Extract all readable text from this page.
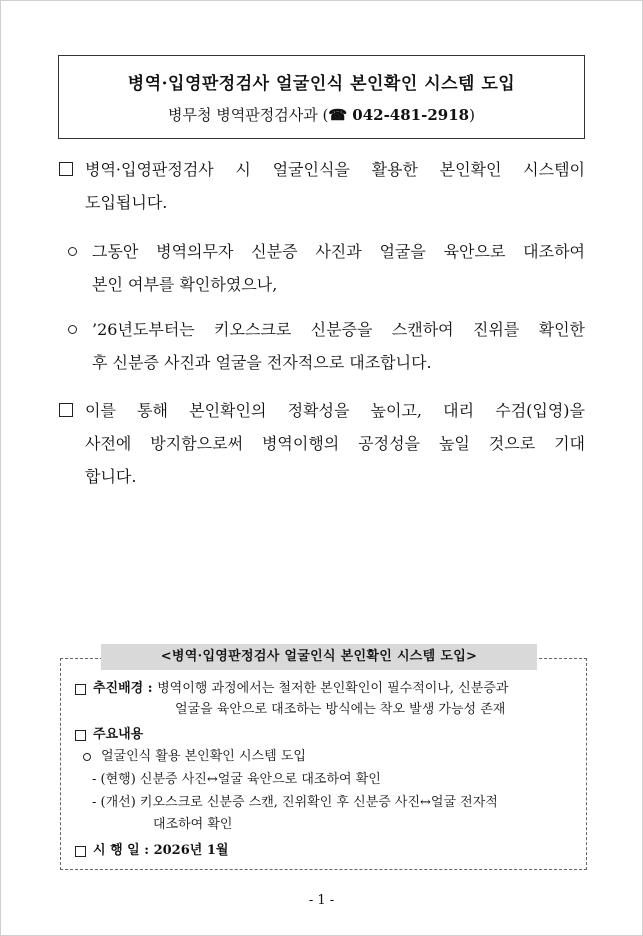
병역·입영판정검사 얼굴인식 본인확인 시스템 도입
병무청 병역판정검사과 (☎ 042-481-2918)
병역·입영판정검사 시 얼굴인식을 활용한 본인확인 시스템이
도입됩니다.
그동안 병역의무자 신분증 사진과 얼굴을 육안으로 대조하여
본인 여부를 확인하였으나,
’26년도부터는 키오스크로 신분증을 스캔하여 진위를 확인한
후 신분증 사진과 얼굴을 전자적으로 대조합니다.
이를 통해 본인확인의 정확성을 높이고, 대리 수검(입영)을
사전에 방지함으로써 병역이행의 공정성을 높일 것으로 기대
합니다.
<병역·입영판정검사 얼굴인식 본인확인 시스템 도입>
추진배경 : 병역이행 과정에서는 철저한 본인확인이 필수적이나, 신분증과
얼굴을 육안으로 대조하는 방식에는 착오 발생 가능성 존재
주요내용
얼굴인식 활용 본인확인 시스템 도입
- (현행) 신분증 사진↔얼굴 육안으로 대조하여 확인
- (개선) 키오스크로 신분증 스캔, 진위확인 후 신분증 사진↔얼굴 전자적
대조하여 확인
시 행 일 : 2026년 1월
- 1 -
